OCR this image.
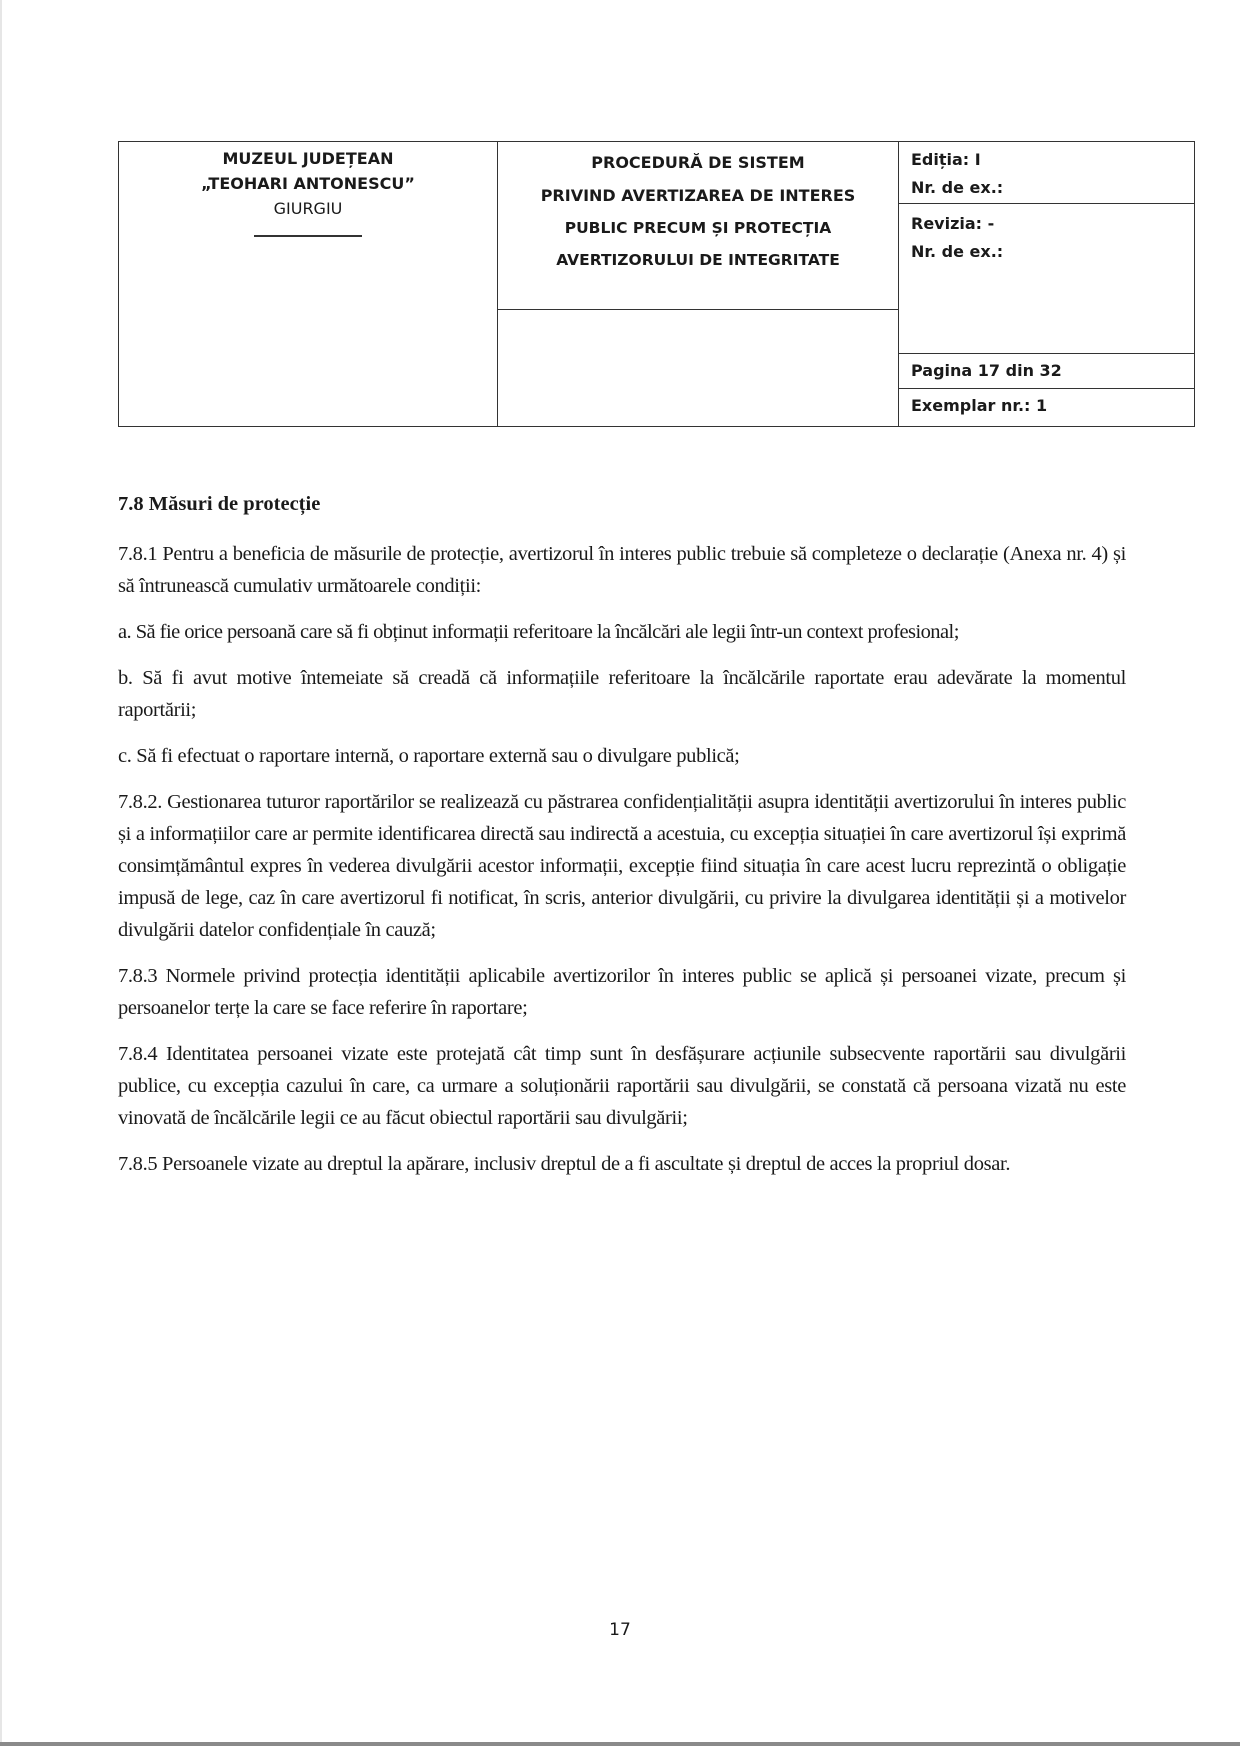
MUZEUL JUDEȚEAN
„TEOHARI ANTONESCU”
GIURGIU
PROCEDURĂ DE SISTEM
PRIVIND AVERTIZAREA DE INTERES
PUBLIC PRECUM ȘI PROTECȚIA
AVERTIZORULUI DE INTEGRITATE
Ediția: I
Nr. de ex.:
Revizia: -
Nr. de ex.:
Pagina 17 din 32
Exemplar nr.: 1

7.8 Măsuri de protecție

7.8.1 Pentru a beneficia de măsurile de protecție, avertizorul în interes public trebuie să completeze o declarație (Anexa nr. 4) și să întrunească cumulativ următoarele condiții:

a. Să fie orice persoană care să fi obținut informații referitoare la încălcări ale legii într-un context profesional;

b. Să fi avut motive întemeiate să creadă că informațiile referitoare la încălcările raportate erau adevărate la momentul raportării;

c. Să fi efectuat o raportare internă, o raportare externă sau o divulgare publică;

7.8.2. Gestionarea tuturor raportărilor se realizează cu păstrarea confidențialității asupra identității avertizorului în interes public și a informațiilor care ar permite identificarea directă sau indirectă a acestuia, cu excepția situației în care avertizorul își exprimă consimțământul expres în vederea divulgării acestor informații, excepție fiind situația în care acest lucru reprezintă o obligație impusă de lege, caz în care avertizorul fi notificat, în scris, anterior divulgării, cu privire la divulgarea identității și a motivelor divulgării datelor confidențiale în cauză;

7.8.3 Normele privind protecția identității aplicabile avertizorilor în interes public se aplică și persoanei vizate, precum și persoanelor terțe la care se face referire în raportare;

7.8.4 Identitatea persoanei vizate este protejată cât timp sunt în desfășurare acțiunile subsecvente raportării sau divulgării publice, cu excepția cazului în care, ca urmare a soluționării raportării sau divulgării, se constată că persoana vizată nu este vinovată de încălcările legii ce au făcut obiectul raportării sau divulgării;

7.8.5 Persoanele vizate au dreptul la apărare, inclusiv dreptul de a fi ascultate și dreptul de acces la propriul dosar.

17
